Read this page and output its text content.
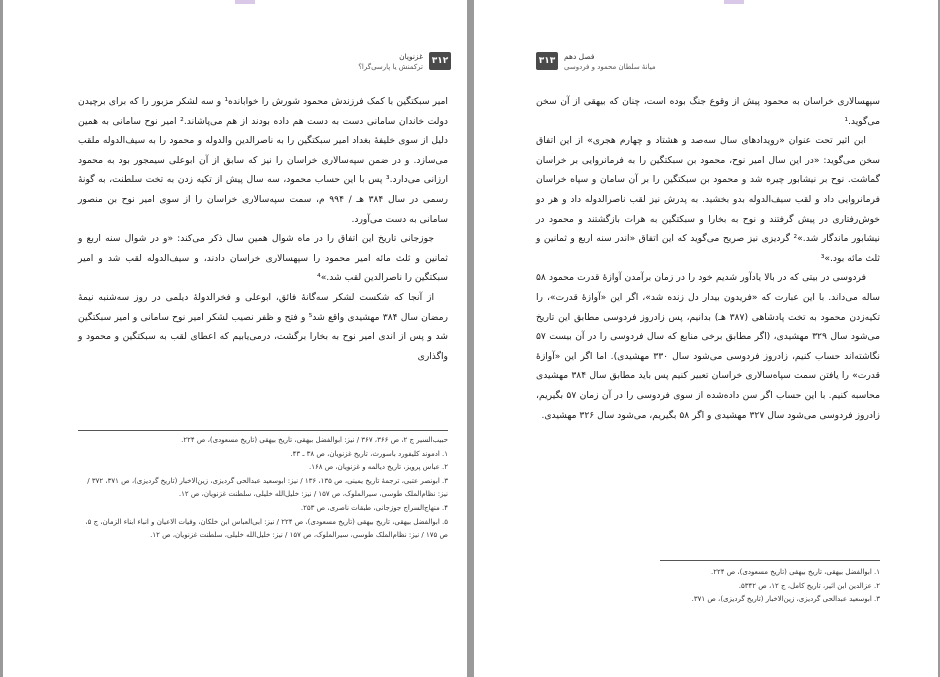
۳۱۲
غزنویان
ترکمنش یا پارسی‌گرا؟

امیر سبکتگین با کمک فرزندش محمود شورش را خوابانده¹ و سه لشکر مزبور را که برای برچیدن دولت خاندان سامانی دست به دست هم داده بودند از هم می‌پاشاند.² امیر نوح سامانی به همین دلیل از سوی خلیفهٔ بغداد امیر سبکتگین را به ناصرالدین والدوله و محمود را به سیف‌الدوله ملقب می‌سازد. و در ضمن سپه‌سالاری خراسان را نیز که سابق از آن ابوعلی سیمجور بود به محمود ارزانی می‌دارد.³ پس با این حساب محمود، سه سال پیش از تکیه زدن به تخت سلطنت، به گونهٔ رسمی در سال ۳۸۴ هـ / ۹۹۴ م، سمت سپه‌سالاری خراسان را از سوی امیر نوح بن منصور سامانی به دست می‌آورد.

جوزجانی تاریخ این اتفاق را در ماه شوال همین سال ذکر می‌کند: «و در شوال سنه اربع و ثمانین و ثلث مائه امیر محمود را سپهسالاری خراسان دادند، و سیف‌الدوله لقب شد و امیر سبکتگین را ناصرالدین لقب شد.»⁴

از آنجا که شکست لشکر سه‌گانهٔ فائق، ابوعلی و فخرالدولهٔ دیلمی در روز سه‌شنبه نیمهٔ رمضان سال ۳۸۴ مهشیدی واقع شد⁵ و فتح و ظفر نصیب لشکر امیر نوح سامانی و امیر سبکتگین شد و پس از اندی امیر نوح به بخارا برگشت، درمی‌یابیم که اعطای لقب به سبکتگین و محمود و واگذاری

حبیب‌السیر ج ۲، ص ۳۶۶، ۳۶۷ / نیز: ابوالفضل بیهقی، تاریخ بیهقی (تاریخ مسعودی)، ص ۲۲۴.
۱. ادموند کلیفورد باسورث، تاریخ غزنویان، ص ۳۸ ـ ۴۳.
۲. عباس پرویز، تاریخ دیالمه و غزنویان، ص ۱۶۸.
۳. ابونصر عتبی، ترجمهٔ تاریخ یمینی، ص ۱۳۵، ۱۳۶ / نیز: ابوسعید عبدالحی گردیزی، زین‌الاخبار (تاریخ گردیزی)، ص ۳۷۱، ۳۷۲ / نیز: نظام‌الملک طوسی، سیرالملوک، ص ۱۵۷ / نیز: خلیل‌الله خلیلی، سلطنت غزنویان، ص ۱۲.
۴. منهاج‌السراج جوزجانی، طبقات ناصری، ص ۲۵۳.
۵. ابوالفضل بیهقی، تاریخ بیهقی (تاریخ مسعودی)، ص ۲۲۴ / نیز: ابی‌العباس ابن خلکان، وفیات الاعیان و انباء ابناء الزمان، ج ۵، ص ۱۷۵ / نیز: نظام‌الملک طوسی، سیرالملوک، ص ۱۵۷ / نیز: خلیل‌الله خلیلی، سلطنت غزنویان، ص ۱۲.
۳۱۳	فصل دهم
میانهٔ سلطان محمود و فردوسی

سپهسالاری خراسان به محمود پیش از وقوع جنگ بوده است، چنان که بیهقی از آن سخن می‌گوید.¹

ابن اثیر تحت عنوان «رویدادهای سال سه‌صد و هشتاد و چهارم هجری» از این اتفاق سخن می‌گوید: «در این سال امیر نوح، محمود بن سبکتگین را به فرمانروایی بر خراسان گماشت. نوح بر نیشابور چیره شد و محمود بن سبکتگین را بر آن سامان و سپاه خراسان فرمانروایی داد و لقب سیف‌الدوله بدو بخشید. به پدرش نیز لقب ناصرالدوله داد و هر دو خوش‌رفتاری در پیش گرفتند و نوح به بخارا و سبکتگین به هرات بازگشتند و محمود در نیشابور ماندگار شد.»² گردیزی نیز صریح می‌گوید که این اتفاق «اندر سنه اربع و ثمانین و ثلث مائه بود.»³

فردوسی در بیتی که در بالا یادآور شدیم خود را در زمان برآمدن آوازهٔ قدرت محمود ۵۸ ساله می‌داند. با این عبارت که «فریدون بیدار دل زنده شد»، اگر این «آوازهٔ قدرت»، را تکیه‌زدن محمود به تخت پادشاهی (۳۸۷ هـ) بدانیم، پس زادروز فردوسی مطابق این تاریخ می‌شود سال ۳۲۹ مهشیدی، (اگر مطابق برخی منابع که سال فردوسی را در آن بیست ۵۷ نگاشته‌اند حساب کنیم، زادروز فردوسی می‌شود سال ۳۳۰ مهشیدی). اما اگر این «آوازهٔ قدرت» را یافتن سمت سپاه‌سالاری خراسان تعبیر کنیم پس باید مطابق سال ۳۸۴ مهشیدی محاسبه کنیم. با این حساب اگر سن داده‌شده از سوی فردوسی را در آن زمان ۵۷ بگیریم، زادروز فردوسی می‌شود سال ۳۲۷ مهشیدی و اگر ۵۸ بگیریم، می‌شود سال ۳۲۶ مهشیدی.

۱. ابوالفضل بیهقی، تاریخ بیهقی (تاریخ مسعودی)، ص ۲۲۴.
۲. عزالدین ابن اثیر، تاریخ کامل، ج ۱۲، ص ۵۳۴۲.
۳. ابوسعید عبدالحی گردیزی، زین‌الاخبار (تاریخ گردیزی)، ص ۳۷۱.
